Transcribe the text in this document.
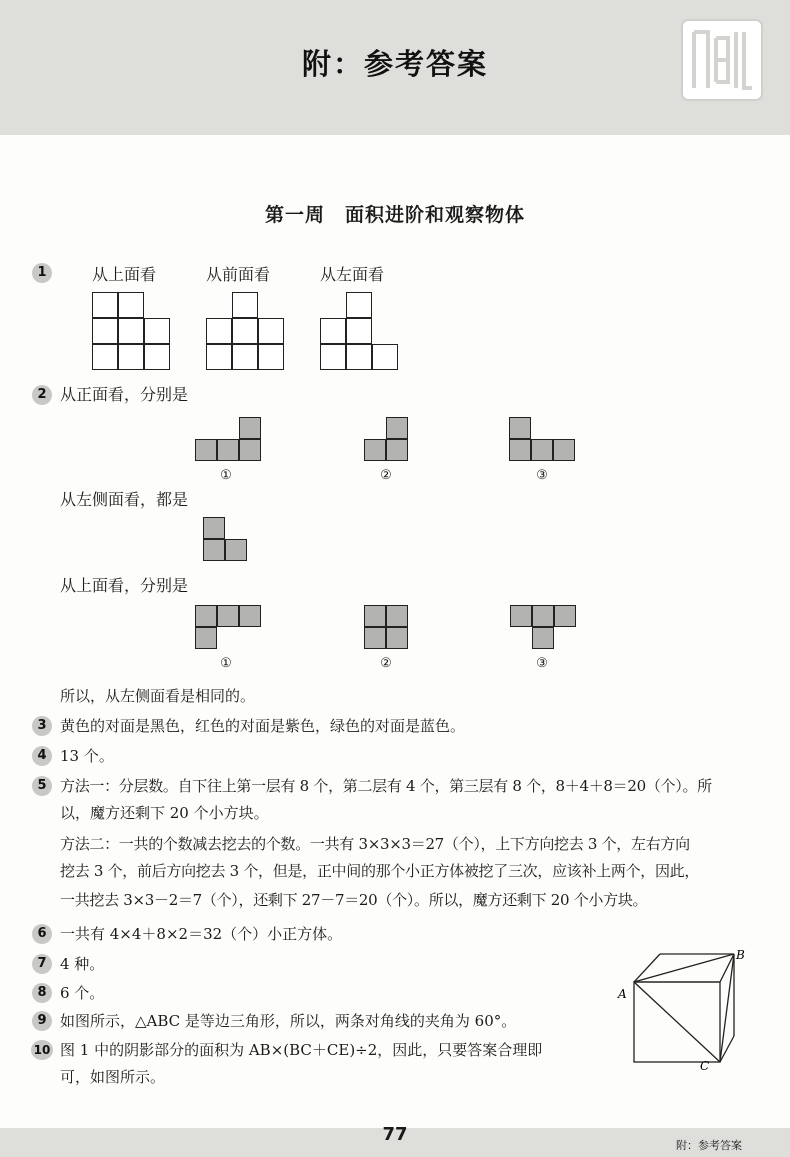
附：参考答案
第一周　面积进阶和观察物体
1	从上面看	从前面看	从左面看
2 从正面看，分别是
①	②	③
从左侧面看，都是
从上面看，分别是
①	②	③
所以，从左侧面看是相同的。
3 黄色的对面是黑色，红色的对面是紫色，绿色的对面是蓝色。
4 13 个。
5 方法一：分层数。自下往上第一层有 8 个，第二层有 4 个，第三层有 8 个，8＋4＋8＝20（个）。所
以，魔方还剩下 20 个小方块。
方法二：一共的个数减去挖去的个数。一共有 3×3×3＝27（个），上下方向挖去 3 个，左右方向
挖去 3 个，前后方向挖去 3 个，但是，正中间的那个小正方体被挖了三次，应该补上两个，因此，
一共挖去 3×3－2＝7（个），还剩下 27－7＝20（个）。所以，魔方还剩下 20 个小方块。
6 一共有 4×4＋8×2＝32（个）小正方体。
7 4 种。
8 6 个。
9 如图所示，△ABC 是等边三角形，所以，两条对角线的夹角为 60°。
10 图 1 中的阴影部分的面积为 AB×(BC＋CE)÷2，因此，只要答案合理即
可，如图所示。
A
B
C
77
附：参考答案
